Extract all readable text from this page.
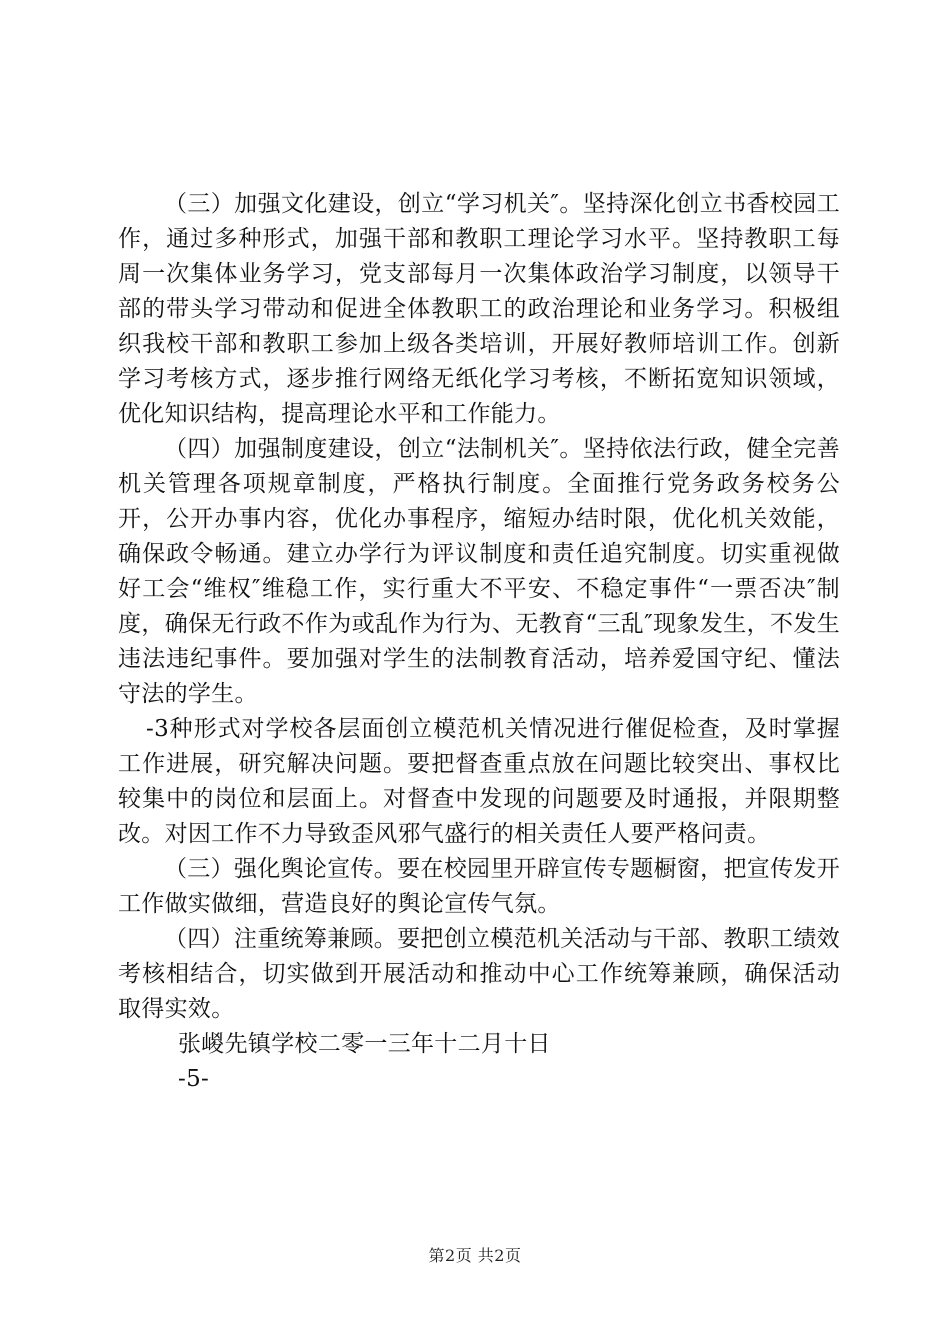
（三）加强文化建设，创立“学习机关″。坚持深化创立书香校园工作，通过多种形式，加强干部和教职工理论学习水平。坚持教职工每周一次集体业务学习，党支部每月一次集体政治学习制度，以领导干部的带头学习带动和促进全体教职工的政治理论和业务学习。积极组织我校干部和教职工参加上级各类培训，开展好教师培训工作。创新学习考核方式，逐步推行网络无纸化学习考核，不断拓宽知识领域，优化知识结构，提高理论水平和工作能力。

（四）加强制度建设，创立“法制机关″。坚持依法行政，健全完善机关管理各项规章制度，严格执行制度。全面推行党务政务校务公开，公开办事内容，优化办事程序，缩短办结时限，优化机关效能，确保政令畅通。建立办学行为评议制度和责任追究制度。切实重视做好工会“维权″维稳工作，实行重大不平安、不稳定事件“一票否决″制度，确保无行政不作为或乱作为行为、无教育“三乱″现象发生，不发生违法违纪事件。要加强对学生的法制教育活动，培养爱国守纪、懂法守法的学生。

-3种形式对学校各层面创立模范机关情况进行催促检查，及时掌握工作进展，研究解决问题。要把督查重点放在问题比较突出、事权比较集中的岗位和层面上。对督查中发现的问题要及时通报，并限期整改。对因工作不力导致歪风邪气盛行的相关责任人要严格问责。

（三）强化舆论宣传。要在校园里开辟宣传专题橱窗，把宣传发开工作做实做细，营造良好的舆论宣传气氛。

（四）注重统筹兼顾。要把创立模范机关活动与干部、教职工绩效考核相结合，切实做到开展活动和推动中心工作统筹兼顾，确保活动取得实效。

张嵕先镇学校二零一三年十二月十日

-5-

第2页 共2页
